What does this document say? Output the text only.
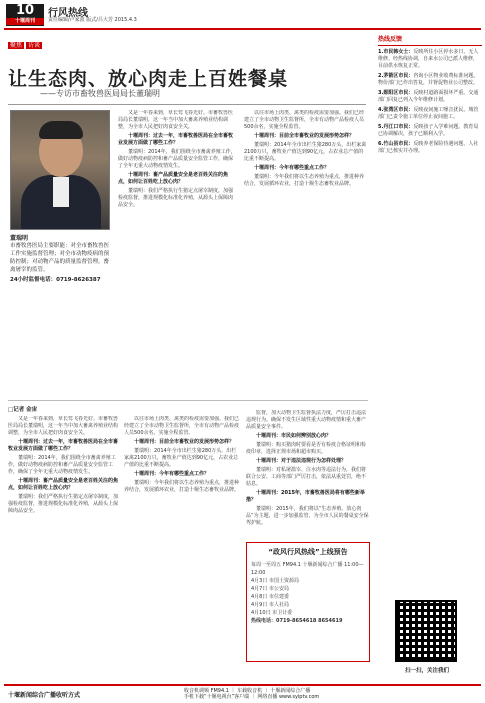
10
十堰周刊
行风热线
责任编辑/卢家波 版式/吕大芳 2015.4.3
聚焦 访谈
让生态肉、放心肉走上百姓餐桌
——专访市畜牧兽医局局长董瑞明
董瑞明
市畜牧兽医局主要职能：对全市畜牧兽医工作实施监督管理；对全市动物疫病的预防控制；对动物产品的质量监督管理。畜禽屠宰的监管。
24小时监督电话：0719-8626387

又是一年春来到，草长莺飞春光好。市畜牧兽医局局长董瑞明，这一年当中加大畜禽养殖业结构调整，为全市人民把好肉食安全关。

十堰周刊：过去一年，市畜牧兽医局在全市畜牧业发展方面做了哪些工作？

董瑞明：2014年，我们围绕全市畜禽养殖工作，做好动物疫病防控和畜产品质量安全监管工作，确保了全年无重大动物疫情发生。

十堰周刊：畜产品质量安全是老百姓关注的焦点，如何让百姓吃上放心肉？

董瑞明：我们严格执行生猪定点屠宰制度，加强检疫监督，推进规模化标准化养殖，从源头上保障肉品安全。

以往市场上肉类、禽类的检疫需要加强。我们已经建立了全市动物卫生监督所，全市有动物产品检疫人员500余名，实施全程监管。

十堰周刊：目前全市畜牧业的发展形势怎样？

董瑞明：2014年全市出栏生猪280万头，出栏家禽2100万只，畜牧业产值达到90亿元，占农业总产值的比重不断提高。

十堰周刊：今年有哪些重点工作？

董瑞明：今年我们将以生态养殖为重点，推进种养结合，发展循环农业，打造十堰生态畜牧业品牌。

□记者 金宙

又是一年春来到，草长莺飞春光好。市畜牧兽医局局长董瑞明，这一年当中加大畜禽养殖业结构调整，为全市人民把好肉食安全关。

十堰周刊：过去一年，市畜牧兽医局在全市畜牧业发展方面做了哪些工作？

董瑞明：2014年，我们围绕全市畜禽养殖工作，做好动物疫病防控和畜产品质量安全监管工作，确保了全年无重大动物疫情发生。

十堰周刊：畜产品质量安全是老百姓关注的焦点，如何让百姓吃上放心肉？

董瑞明：我们严格执行生猪定点屠宰制度，加强检疫监督，推进规模化标准化养殖，从源头上保障肉品安全。

以往市场上肉类、禽类的检疫需要加强。我们已经建立了全市动物卫生监督所，全市有动物产品检疫人员500余名，实施全程监管。

十堰周刊：目前全市畜牧业的发展形势怎样？

董瑞明：2014年全市出栏生猪280万头，出栏家禽2100万只，畜牧业产值达到90亿元，占农业总产值的比重不断提高。

十堰周刊：今年有哪些重点工作？

董瑞明：今年我们将以生态养殖为重点，推进种养结合，发展循环农业，打造十堰生态畜牧业品牌。

监督，加大动物卫生监督执法力度，严厉打击违法违规行为。确保不发生区域性重大动物疫情和重大畜产品质量安全事件。

十堰周刊：市民如何辨别放心肉？

董瑞明：购买猪肉时要看是否有检疫合格证明和检疫印章，选择正规市场和超市购买。

十堰周刊：对于违法违规行为怎样处理？

董瑞明：对私屠滥宰、注水肉等违法行为，我们将联合公安、工商等部门严厉打击，依法从重处罚，绝不姑息。

十堰周刊：2015年，市畜牧兽医局将有哪些新举措？

董瑞明：2015年，我们将以“生态养殖、放心肉品”为主题，进一步加强监管，为全市人民的餐桌安全保驾护航。

“政风行风热线”上线预告
每周一至周五 FM94.1 十堰新闻综合广播 11:00—12:00
4月3日 市国土资源局
4月7日 市公安局
4月8日 市住建委
4月9日 市人社局
4月10日 市卫计委
热线电话：0719-8654618 8654619
热线反馈

1.市民韩女士：反映所住小区停水多日，无人维修。经热线协调，自来水公司已派人维修，目前供水恢复正常。

2.茅箭区市民：咨询小区物业收费标准问题。物价部门已作出答复，并督促物业公司整改。

3.郧阳区市民：反映村道路面损坏严重。交通部门回复已列入今年维修计划。

4.张湾区市民：反映夜间施工噪音扰民。城管部门已责令施工单位停止夜间施工。

5.丹江口市民：反映孩子入学难问题。教育局已协调解决，孩子已顺利入学。

6.竹山县市民：反映养老保险待遇问题，人社部门已核实并办理。

扫一扫，关注我们
十堰新闻综合广播收听方式
收音机调频 FM94.1 ｜ 车载收音机 ｜ 十堰新闻综合广播
手机下载“十堰电视台”客户端 ｜ 网络直播 www.syiptv.com
